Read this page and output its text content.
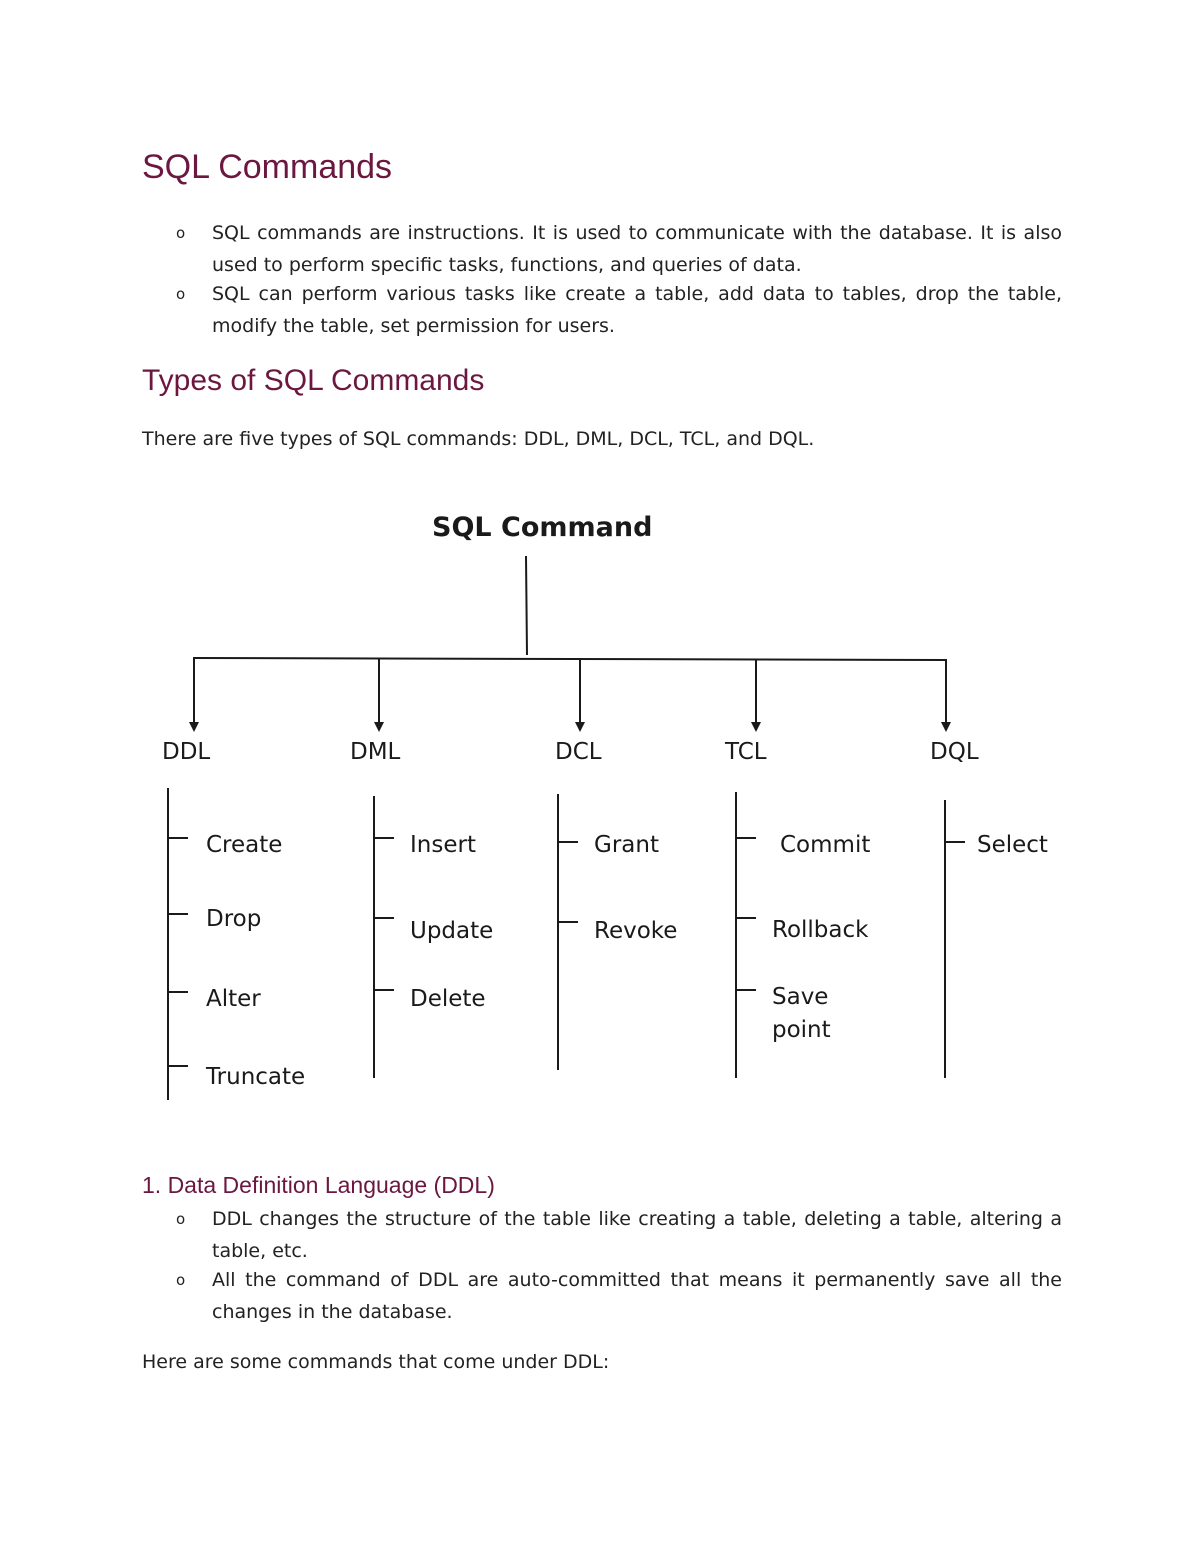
SQL Commands
o SQL commands are instructions. It is used to communicate with the database. It is also used to perform specific tasks, functions, and queries of data.
o SQL can perform various tasks like create a table, add data to tables, drop the table, modify the table, set permission for users.
Types of SQL Commands
There are five types of SQL commands: DDL, DML, DCL, TCL, and DQL.
SQL Command
DDL
Create
Drop
Alter
Truncate
DML
Insert
Update
Delete
DCL
Grant
Revoke
TCL
Commit
Rollback
Save
point
DQL
Select
1. Data Definition Language (DDL)
o DDL changes the structure of the table like creating a table, deleting a table, altering a table, etc.
o All the command of DDL are auto-committed that means it permanently save all the changes in the database.
Here are some commands that come under DDL:
